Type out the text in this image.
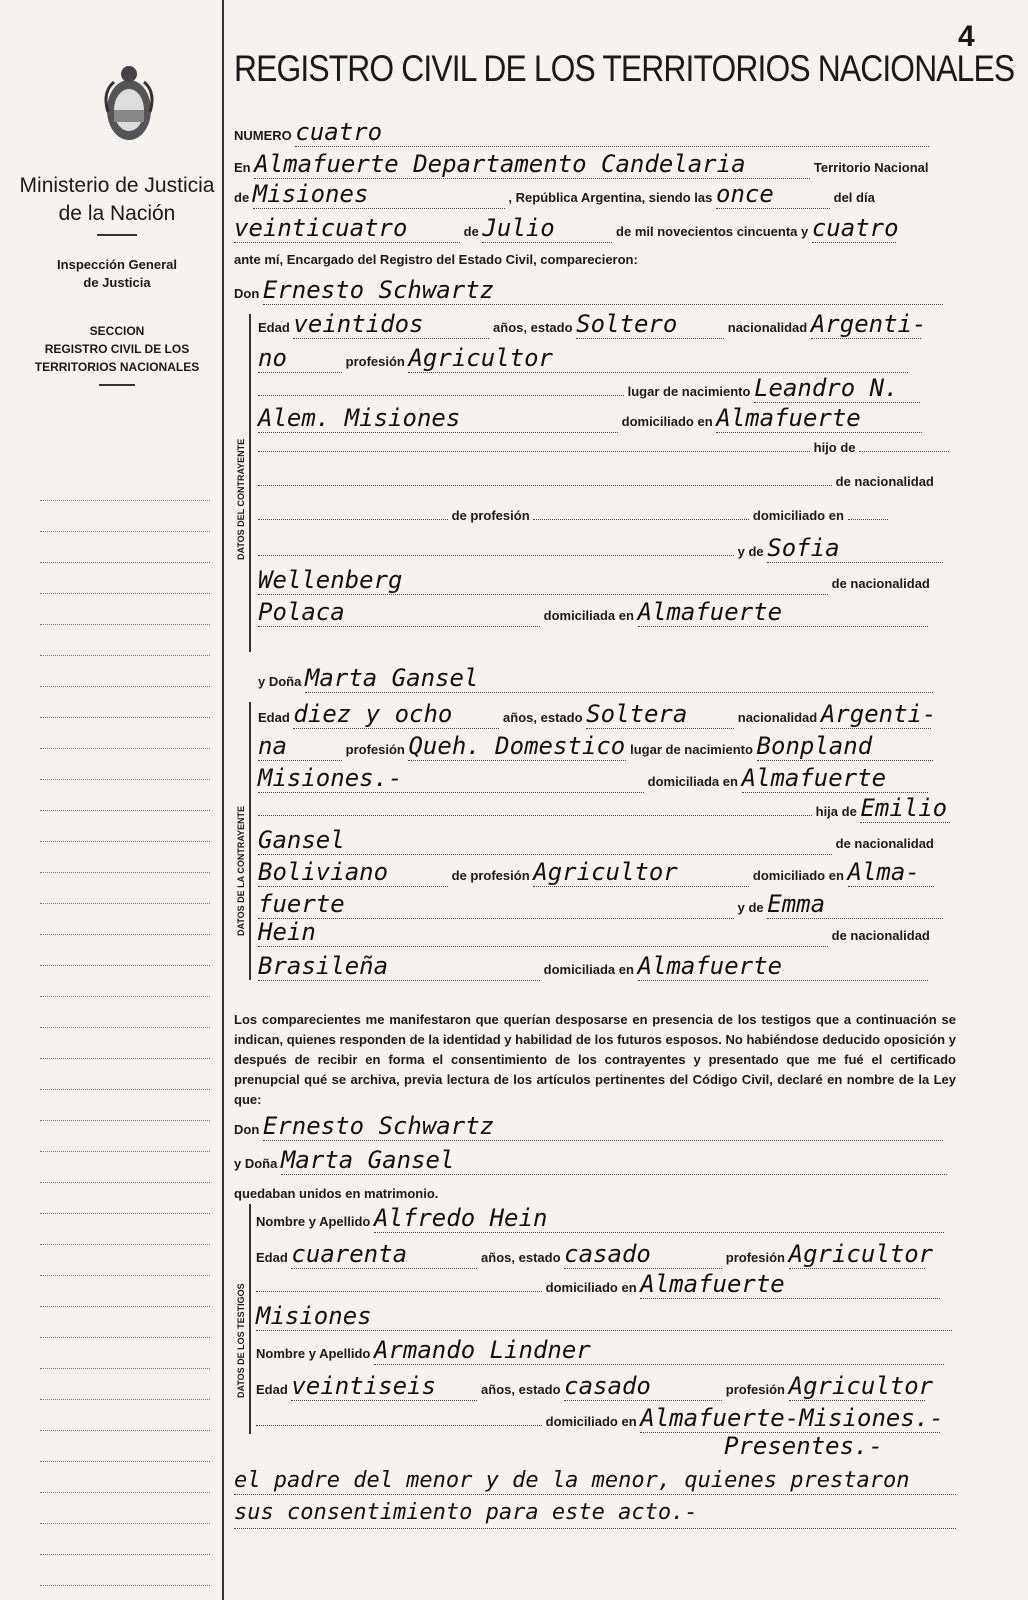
Ministerio de Justicia
de la Nación
Inspección General
de Justicia
SECCION
REGISTRO CIVIL DE LOS
TERRITORIOS NACIONALES
4
REGISTRO CIVIL DE LOS TERRITORIOS NACIONALES
NUMERO cuatro
En Almafuerte Departamento Candelaria	Territorio Nacional
de Misiones	, República Argentina, siendo las once	del día
veinticuatro	de Julio	de mil novecientos cincuenta y cuatro
ante mí, Encargado del Registro del Estado Civil, comparecieron:
Don Ernesto Schwartz
DATOS DEL CONTRAYENTE
Edad veintidos	años, estado Soltero	nacionalidad Argenti-
no	profesión Agricultor
lugar de nacimiento Leandro N.
Alem. Misiones	domiciliado en Almafuerte
hijo de
de nacionalidad
de profesión	domiciliado en
y de Sofia
Wellenberg	de nacionalidad
Polaca	domiciliada en Almafuerte
y Doña Marta Gansel
DATOS DE LA CONTRAYENTE
Edad diez y ocho	años, estado Soltera	nacionalidad Argenti-
na	profesión Queh. Domestico lugar de nacimiento Bonpland
Misiones.-	domiciliada en Almafuerte
hija de Emilio
Gansel	de nacionalidad
Boliviano	de profesión Agricultor	domiciliado en Alma-
fuerte	y de Emma
Hein	de nacionalidad
Brasileña	domiciliada en Almafuerte
Los comparecientes me manifestaron que querían desposarse en presencia de los testigos que a continuación se indican, quienes responden de la identidad y habilidad de los futuros esposos. No habiéndose deducido oposición y después de recibir en forma el consentimiento de los contrayentes y presentado que me fué el certificado prenupcial qué se archiva, previa lectura de los artículos pertinentes del Código Civil, declaré en nombre de la Ley que:
Don Ernesto Schwartz
y Doña Marta Gansel
quedaban unidos en matrimonio.
DATOS DE LOS TESTIGOS
Nombre y Apellido Alfredo Hein
Edad cuarenta	años, estado casado	profesión Agricultor
domiciliado en Almafuerte
Misiones
Nombre y Apellido Armando Lindner
Edad veintiseis	años, estado casado	profesión Agricultor
domiciliado en Almafuerte-Misiones.-
Presentes.-
el padre del menor y de la menor, quienes prestaron
sus consentimiento para este acto.-
